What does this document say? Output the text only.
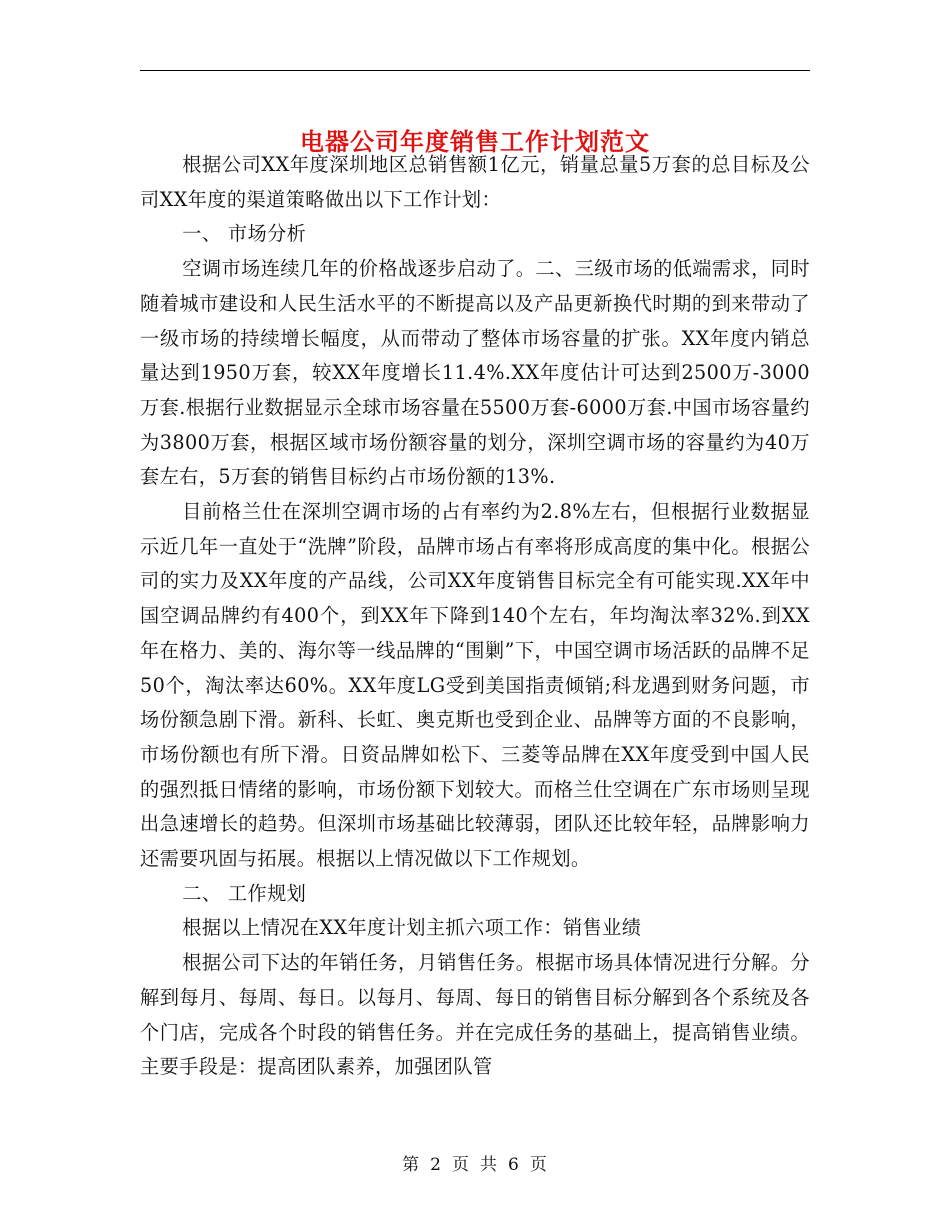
电器公司年度销售工作计划范文

根据公司XX年度深圳地区总销售额1亿元，销量总量5万套的总目标及公司XX年度的渠道策略做出以下工作计划：

一、 市场分析

空调市场连续几年的价格战逐步启动了。二、三级市场的低端需求，同时随着城市建设和人民生活水平的不断提高以及产品更新换代时期的到来带动了一级市场的持续增长幅度，从而带动了整体市场容量的扩张。XX年度内销总量达到1950万套，较XX年度增长11.4%.XX年度估计可达到2500万-3000万套.根据行业数据显示全球市场容量在5500万套-6000万套.中国市场容量约为3800万套，根据区域市场份额容量的划分，深圳空调市场的容量约为40万套左右，5万套的销售目标约占市场份额的13%.

目前格兰仕在深圳空调市场的占有率约为2.8%左右，但根据行业数据显示近几年一直处于“洗牌”阶段，品牌市场占有率将形成高度的集中化。根据公司的实力及XX年度的产品线，公司XX年度销售目标完全有可能实现.XX年中国空调品牌约有400个，到XX年下降到140个左右，年均淘汰率32%.到XX年在格力、美的、海尔等一线品牌的“围剿”下，中国空调市场活跃的品牌不足50个，淘汰率达60%。XX年度LG受到美国指责倾销;科龙遇到财务问题，市场份额急剧下滑。新科、长虹、奥克斯也受到企业、品牌等方面的不良影响，市场份额也有所下滑。日资品牌如松下、三菱等品牌在XX年度受到中国人民的强烈抵日情绪的影响，市场份额下划较大。而格兰仕空调在广东市场则呈现出急速增长的趋势。但深圳市场基础比较薄弱，团队还比较年轻，品牌影响力还需要巩固与拓展。根据以上情况做以下工作规划。

二、 工作规划

根据以上情况在XX年度计划主抓六项工作：销售业绩

根据公司下达的年销任务，月销售任务。根据市场具体情况进行分解。分解到每月、每周、每日。以每月、每周、每日的销售目标分解到各个系统及各个门店，完成各个时段的销售任务。并在完成任务的基础上，提高销售业绩。主要手段是：提高团队素养，加强团队管

第 2 页 共 6 页
